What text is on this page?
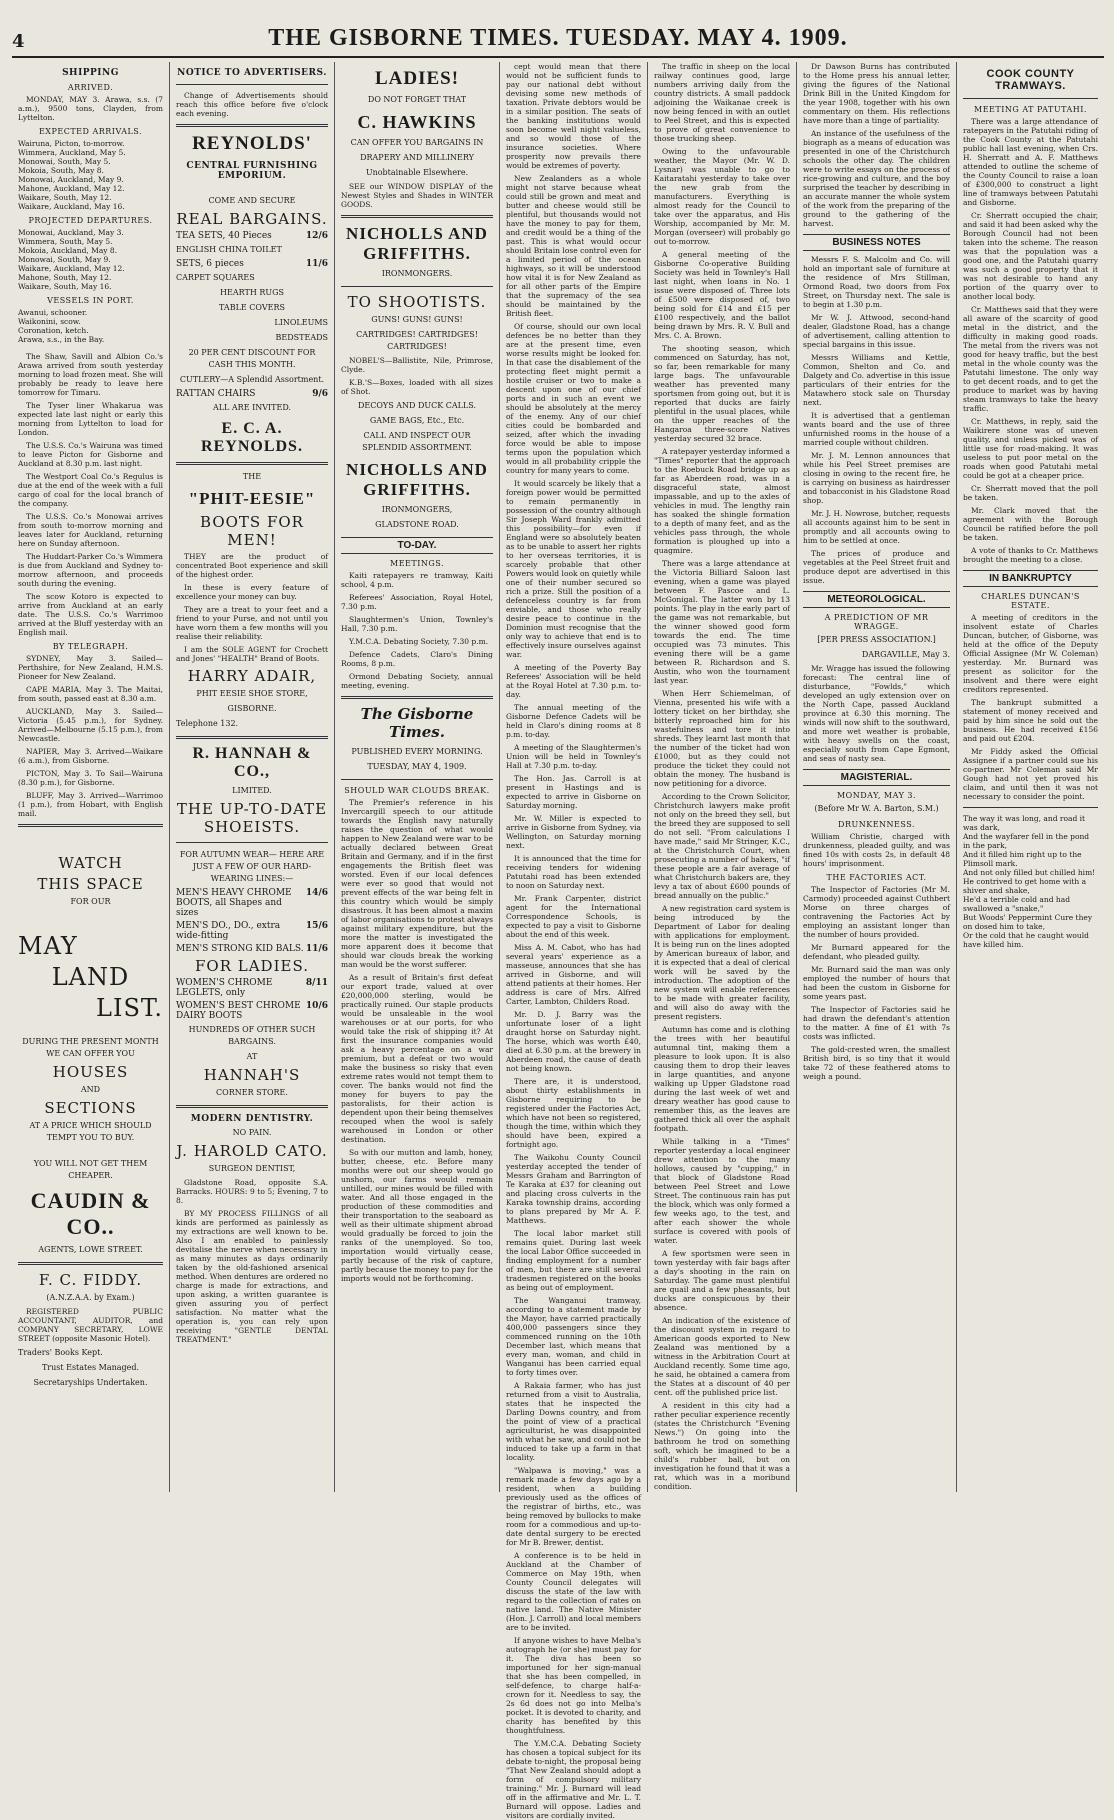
4	THE GISBORNE TIMES. TUESDAY. MAY 4. 1909.
SHIPPING
ARRIVED.

MONDAY, MAY 3. Arawa, s.s. (7 a.m.), 9500 tons, Clayden, from Lyttelton.

EXPECTED ARRIVALS.
Wairuna, Picton, to-morrow.
Wimmera, Auckland, May 5.
Monowai, South, May 5.
Mokoia, South, May 8.
Monowai, Auckland, May 9.
Mahone, Auckland, May 12.
Waikare, South, May 12.
Waikare, Auckland, May 16.
PROJECTED DEPARTURES.
Monowai, Auckland, May 3.
Wimmera, South, May 5.
Mokoia, Auckland, May 8.
Monowai, South, May 9.
Waikare, Auckland, May 12.
Mahone, South, May 12.
Waikare, South, May 16.
VESSELS IN PORT.
Awanui, schooner.
Waikonini, scow.
Coronation, ketch.
Arawa, s.s., in the Bay.

The Shaw, Savill and Albion Co.'s Arawa arrived from south yesterday morning to load frozen meat. She will probably be ready to leave here tomorrow for Timaru.

The Tyser liner Whakarua was expected late last night or early this morning from Lyttelton to load for London.

The U.S.S. Co.'s Wairuna was timed to leave Picton for Gisborne and Auckland at 8.30 p.m. last night.

The Westport Coal Co.'s Regulus is due at the end of the week with a full cargo of coal for the local branch of the company.

The U.S.S. Co.'s Monowai arrives from south to-morrow morning and leaves later for Auckland, returning here on Sunday afternoon.

The Huddart-Parker Co.'s Wimmera is due from Auckland and Sydney to-morrow afternoon, and proceeds south during the evening.

The scow Kotoro is expected to arrive from Auckland at an early date. The U.S.S. Co.'s Warrimoo arrived at the Bluff yesterday with an English mail.

BY TELEGRAPH.

SYDNEY, May 3. Sailed—Perthshire, for New Zealand, H.M.S. Pioneer for New Zealand.

CAPE MARIA, May 3. The Maitai, from south, passed east at 8.30 a.m.

AUCKLAND, May 3. Sailed—Victoria (5.45 p.m.), for Sydney. Arrived—Melbourne (5.15 p.m.), from Newcastle.

NAPIER, May 3. Arrived—Waikare (6 a.m.), from Gisborne.

PICTON, May 3. To Sail—Wairuna (8.30 p.m.), for Gisborne.

BLUFF, May 3. Arrived—Warrimoo (1 p.m.), from Hobart, with English mail.

WATCH
THIS SPACE
FOR OUR
MAY
LAND
LIST.
DURING THE PRESENT MONTH WE CAN OFFER YOU
HOUSES
AND
SECTIONS
AT A PRICE WHICH SHOULD TEMPT YOU TO BUY.
YOU WILL NOT GET THEM CHEAPER.
CAUDIN & CO..
AGENTS, LOWE STREET.
F. C. FIDDY.
(A.N.Z.A.A. by Exam.)

REGISTERED PUBLIC ACCOUNTANT, AUDITOR, and COMPANY SECRETARY, LOWE STREET (opposite Masonic Hotel).

Traders' Books Kept.
Trust Estates Managed.
Secretaryships Undertaken.
NOTICE TO ADVERTISERS.

Change of Advertisements should reach this office before five o'clock each evening.

REYNOLDS'
CENTRAL FURNISHING EMPORIUM.
COME AND SECURE
REAL BARGAINS.
TEA SETS, 40 Pieces	12/6
ENGLISH CHINA TOILET
SETS, 6 pieces	11/6
CARPET SQUARES
HEARTH RUGS
TABLE COVERS
LINOLEUMS
BEDSTEADS
20 PER CENT DISCOUNT FOR CASH THIS MONTH.
CUTLERY—A Splendid Assortment.
RATTAN CHAIRS	9/6
ALL ARE INVITED.
E. C. A. REYNOLDS.
THE
"PHIT-EESIE"
BOOTS FOR MEN!

THEY are the product of concentrated Boot experience and skill of the highest order.

In these is every feature of excellence your money can buy.

They are a treat to your feet and a friend to your Purse, and not until you have worn them a few months will you realise their reliability.

I am the SOLE AGENT for Crochett and Jones' "HEALTH" Brand of Boots.

HARRY ADAIR,
PHIT EESIE SHOE STORE,
GISBORNE.
Telephone 132.
R. HANNAH & CO.,
LIMITED.
THE UP-TO-DATE SHOEISTS.
FOR AUTUMN WEAR— HERE ARE JUST A FEW OF OUR HARD-WEARING LINES:—
MEN'S HEAVY CHROME BOOTS, all Shapes and sizes
14/6
MEN'S DO., DO., extra wide-fitting
15/6
MEN'S STRONG KID BALS. 11/6
FOR LADIES.
WOMEN'S CHROME LEGLETS, only
8/11
WOMEN'S BEST CHROME DAIRY BOOTS
10/6
HUNDREDS OF OTHER SUCH BARGAINS.
AT
HANNAH'S
CORNER STORE.
MODERN DENTISTRY.
NO PAIN.
J. HAROLD CATO.
SURGEON DENTIST,

Gladstone Road, opposite S.A. Barracks. HOURS: 9 to 5; Evening, 7 to 8.

BY MY PROCESS FILLINGS of all kinds are performed as painlessly as my extractions are well known to be. Also I am enabled to painlessly devitalise the nerve when necessary in as many minutes as days ordinarily taken by the old-fashioned arsenical method. When dentures are ordered no charge is made for extractions, and upon asking, a written guarantee is given assuring you of perfect satisfaction. No matter what the operation is, you can rely upon receiving "GENTLE DENTAL TREATMENT."

LADIES!
DO NOT FORGET THAT
C. HAWKINS
CAN OFFER YOU BARGAINS IN
DRAPERY AND MILLINERY
Unobtainable Elsewhere.

SEE our WINDOW DISPLAY of the Newest Styles and Shades in WINTER GOODS.

NICHOLLS AND GRIFFITHS.
IRONMONGERS.
TO SHOOTISTS.
GUNS! GUNS! GUNS!
CARTRIDGES! CARTRIDGES! CARTRIDGES!

NOBEL'S—Ballistite, Nile, Primrose, Clyde.

K.B.'S—Boxes, loaded with all sizes of Shot.

DECOYS AND DUCK CALLS.
GAME BAGS, Etc., Etc.
CALL AND INSPECT OUR SPLENDID ASSORTMENT.
NICHOLLS AND GRIFFITHS.
IRONMONGERS,
GLADSTONE ROAD.
TO-DAY.
MEETINGS.

Kaiti ratepayers re tramway, Kaiti school, 4 p.m.

Referees' Association, Royal Hotel, 7.30 p.m.

Slaughtermen's Union, Townley's Hall, 7.30 p.m.

Y.M.C.A. Debating Society, 7.30 p.m.

Defence Cadets, Claro's Dining Rooms, 8 p.m.

Ormond Debating Society, annual meeting, evening.

The Gisborne Times.
PUBLISHED EVERY MORNING.
TUESDAY, MAY 4, 1909.
SHOULD WAR CLOUDS BREAK.

The Premier's reference in his Invercargill speech to our attitude towards the English navy naturally raises the question of what would happen to New Zealand were war to be actually declared between Great Britain and Germany, and if in the first engagements the British fleet was worsted. Even if our local defences were ever so good that would not prevent effects of the war being felt in this country which would be simply disastrous. It has been almost a maxim of labor organisations to protest always against military expenditure, but the more the matter is investigated the more apparent does it become that should war clouds break the working man would be the worst sufferer.

As a result of Britain's first defeat our export trade, valued at over £20,000,000 sterling, would be practically ruined. Our staple products would be unsaleable in the wool warehouses or at our ports, for who would take the risk of shipping it? At first the insurance companies would ask a heavy percentage on a war premium, but a defeat or two would make the business so risky that even extreme rates would not tempt them to cover. The banks would not find the money for buyers to pay the pastoralists, for their action is dependent upon their being themselves recouped when the wool is safely warehoused in London or other destination.

So with our mutton and lamb, honey, butter, cheese, etc. Before many months were out our sheep would go unshorn, our farms would remain untilled, our mines would be filled with water. And all those engaged in the production of these commodities and their transportation to the seaboard as well as their ultimate shipment abroad would gradually be forced to join the ranks of the unemployed. So too, importation would virtually cease, partly because of the risk of capture, partly because the money to pay for the imports would not be forthcoming.

cept would mean that there would not be sufficient funds to pay our national debt without devising some new methods of taxation. Private debtors would be in a similar position. The seats of the banking institutions would soon become well night valueless, and so would those of the insurance societies. Where prosperity now prevails there would be extremes of poverty.

New Zealanders as a whole might not starve because wheat could still be grown and meat and butter and cheese would still be plentiful, but thousands would not have the money to pay for them, and credit would be a thing of the past. This is what would occur should Britain lose control even for a limited period of the ocean highways, so it will be understood how vital it is for New Zealand as for all other parts of the Empire that the supremacy of the sea should be maintained by the British fleet.

Of course, should our own local defences be no better than they are at the present time, even worse results might be looked for. In that case the disablement of the protecting fleet might permit a hostile cruiser or two to make a descent upon one of our chief ports and in such an event we should be absolutely at the mercy of the enemy. Any of our chief cities could be bombarded and seized, after which the invading force would be able to impose terms upon the population which would in all probability cripple the country for many years to come.

It would scarcely be likely that a foreign power would be permitted to remain permanently in possession of the country although Sir Joseph Ward frankly admitted this possibility—for even if England were so absolutely beaten as to be unable to assert her rights to her overseas territories, it is scarcely probable that other Powers would look on quietly while one of their number secured so rich a prize. Still the position of a defenceless country is far from enviable, and those who really desire peace to continue in the Dominion must recognise that the only way to achieve that end is to effectively insure ourselves against war.

A meeting of the Poverty Bay Referees' Association will be held at the Royal Hotel at 7.30 p.m. to-day.

The annual meeting of the Gisborne Defence Cadets will be held in Claro's dining rooms at 8 p.m. to-day.

A meeting of the Slaughtermen's Union will be held in Townley's Hall at 7.30 p.m. to-day.

The Hon. Jas. Carroll is at present in Hastings and is expected to arrive in Gisborne on Saturday morning.

Mr. W. Miller is expected to arrive in Gisborne from Sydney, via Wellington, on Saturday morning next.

It is announced that the time for receiving tenders for widening Patutahi road has been extended to noon on Saturday next.

Mr. Frank Carpenter, district agent for the International Correspondence Schools, is expected to pay a visit to Gisborne about the end of this week.

Miss A. M. Cabot, who has had several years' experience as a masseuse, announces that she has arrived in Gisborne, and will attend patients at their homes. Her address is care of Mrs. Alfred Carter, Lambton, Childers Road.

Mr. D. J. Barry was the unfortunate loser of a light draught horse on Saturday night. The horse, which was worth £40, died at 6.30 p.m. at the brewery in Aberdeen road, the cause of death not being known.

There are, it is understood, about thirty establishments in Gisborne requiring to be registered under the Factories Act, which have not been so registered, though the time, within which they should have been, expired a fortnight ago.

The Waikohu County Council yesterday accepted the tender of Messrs Graham and Barrington of Te Karaka at £37 for cleaning out and placing cross culverts in the Karaka township drains, according to plans prepared by Mr A. F. Matthews.

The local labor market still remains quiet. During last week the local Labor Office succeeded in finding employment for a number of men, but there are still several tradesmen registered on the books as being out of employment.

The Wanganui tramway, according to a statement made by the Mayor, have carried practically 400,000 passengers since they commenced running on the 10th December last, which means that every man, woman, and child in Wanganui has been carried equal to forty times over.

A Rakaia farmer, who has just returned from a visit to Australia, states that he inspected the Darling Downs country, and from the point of view of a practical agriculturist, he was disappointed with what he saw, and could not be induced to take up a farm in that locality.

"Walpawa is moving," was a remark made a few days ago by a resident, when a building previously used as the offices of the registrar of births, etc., was being removed by bullocks to make room for a commodious and up-to-date dental surgery to be erected for Mr B. Brewer, dentist.

A conference is to be held in Auckland at the Chamber of Commerce on May 19th, when County Council delegates will discuss the state of the law with regard to the collection of rates on native land. The Native Minister (Hon. J. Carroll) and local members are to be invited.

If anyone wishes to have Melba's autograph he (or she) must pay for it. The diva has been so importuned for her sign-manual that she has been compelled, in self-defence, to charge half-a-crown for it. Needless to say, the 2s 6d does not go into Melba's pocket. It is devoted to charity, and charity has benefited by this thoughtfulness.

The Y.M.C.A. Debating Society has chosen a topical subject for its debate to-night, the proposal being "That New Zealand should adopt a form of compulsory military training." Mr. J. Burnard will lead off in the affirmative and Mr. L. T. Burnard will oppose. Ladies and visitors are cordially invited.

The traffic in sheep on the local railway continues good, large numbers arriving daily from the country districts. A small paddock adjoining the Waikanae creek is now being fenced in with an outlet to Peel Street, and this is expected to prove of great convenience to those trucking sheep.

Owing to the unfavourable weather, the Mayor (Mr. W. D. Lysnar) was unable to go to Kaitaratahi yesterday to take over the new grab from the manufacturers. Everything is almost ready for the Council to take over the apparatus, and His Worship, accompanied by Mr. M. Morgan (overseer) will probably go out to-morrow.

A general meeting of the Gisborne Co-operative Building Society was held in Townley's Hall last night, when loans in No. 1 issue were disposed of. Three lots of £500 were disposed of, two being sold for £14 and £15 per £100 respectively, and the ballot being drawn by Mrs. R. V. Bull and Mrs. C. A. Brown.

The shooting season, which commenced on Saturday, has not, so far, been remarkable for many large bags. The unfavourable weather has prevented many sportsmen from going out, but it is reported that ducks are fairly plentiful in the usual places, while on the upper reaches of the Hangaroa three-score Natives yesterday secured 32 brace.

A ratepayer yesterday informed a "Times" reporter that the approach to the Roebuck Road bridge up as far as Aberdeen road, was in a disgraceful state, almost impassable, and up to the axles of vehicles in mud. The lengthy rain has soaked the shingle formation to a depth of many feet, and as the vehicles pass through, the whole formation is ploughed up into a quagmire.

There was a large attendance at the Victoria Billiard Saloon last evening, when a game was played between F. Pascoe and L. McGonigal. The latter won by 13 points. The play in the early part of the game was not remarkable, but the winner showed good form towards the end. The time occupied was 73 minutes. This evening there will be a game between R. Richardson and S. Austin, who won the tournament last year.

When Herr Schiemelman, of Vienna, presented his wife with a lottery ticket on her birthday, she bitterly reproached him for his wastefulness and tore it into shreds. They learnt last month that the number of the ticket had won £1000, but as they could not produce the ticket they could not obtain the money. The husband is now petitioning for a divorce.

According to the Crown Solicitor, Christchurch lawyers make profit not only on the breed they sell, but the breed they are supposed to sell do not sell. "From calculations I have made," said Mr Stringer, K.C., at the Christchurch Court, when prosecuting a number of bakers, "if these people are a fair average of what Christchurch bakers are, they levy a tax of about £600 pounds of bread annually on the public."

A new registration card system is being introduced by the Department of Labor for dealing with applications for employment. It is being run on the lines adopted by American bureaux of labor, and it is expected that a deal of clerical work will be saved by the introduction. The adoption of the new system will enable references to be made with greater facility, and will also do away with the present registers.

Autumn has come and is clothing the trees with her beautiful autumnal tint, making them a pleasure to look upon. It is also causing them to drop their leaves in large quantities, and anyone walking up Upper Gladstone road during the last week of wet and dreary weather has good cause to remember this, as the leaves are gathered thick all over the asphalt footpath.

While talking in a "Times" reporter yesterday a local engineer drew attention to the many hollows, caused by "cupping," in that block of Gladstone Road between Peel Street and Lowe Street. The continuous rain has put the block, which was only formed a few weeks ago, to the test, and after each shower the whole surface is covered with pools of water.

A few sportsmen were seen in town yesterday with fair bags after a day's shooting in the rain on Saturday. The game must plentiful are quail and a few pheasants, but ducks are conspicuous by their absence.

An indication of the existence of the discount system in regard to American goods exported to New Zealand was mentioned by a witness in the Arbitration Court at Auckland recently. Some time ago, he said, he obtained a camera from the States at a discount of 40 per cent. off the published price list.

A resident in this city had a rather peculiar experience recently (states the Christchurch "Evening News.") On going into the bathroom he trod on something soft, which he imagined to be a child's rubber ball, but on investigation he found that it was a rat, which was in a moribund condition.

Dr Dawson Burns has contributed to the Home press his annual letter, giving the figures of the National Drink Bill in the United Kingdom for the year 1908, together with his own commentary on them. His reflections have more than a tinge of partiality.

An instance of the usefulness of the biograph as a means of education was presented in one of the Christchurch schools the other day. The children were to write essays on the process of rice-growing and culture, and the boy surprised the teacher by describing in an accurate manner the whole system of the work from the preparing of the ground to the gathering of the harvest.

BUSINESS NOTES

Messrs F. S. Malcolm and Co. will hold an important sale of furniture at the residence of Mrs Stillman, Ormond Road, two doors from Fox Street, on Thursday next. The sale is to begin at 1.30 p.m.

Mr W. J. Attwood, second-hand dealer, Gladstone Road, has a change of advertisement, calling attention to special bargains in this issue.

Messrs Williams and Kettle, Common, Shelton and Co. and Dalgety and Co. advertise in this issue particulars of their entries for the Matawhero stock sale on Thursday next.

It is advertised that a gentleman wants board and the use of three unfurnished rooms in the house of a married couple without children.

Mr. J. M. Lennon announces that while his Peel Street premises are closing in owing to the recent fire, he is carrying on business as hairdresser and tobacconist in his Gladstone Road shop.

Mr. J. H. Nowrose, butcher, requests all accounts against him to be sent in promptly and all accounts owing to him to be settled at once.

The prices of produce and vegetables at the Peel Street fruit and produce depot are advertised in this issue.

METEOROLOGICAL.
A PREDICTION OF MR WRAGGE.
[PER PRESS ASSOCIATION.]
DARGAVILLE, May 3.

Mr. Wragge has issued the following forecast: The central line of disturbance, "Fowlds," which developed an ugly extension over on the North Cape, passed Auckland province at 6.30 this morning. The winds will now shift to the southward, and more wet weather is probable, with heavy swells on the coast, especially south from Cape Egmont, and seas of nasty sea.

MAGISTERIAL.
MONDAY, MAY 3.
(Before Mr W. A. Barton, S.M.)
DRUNKENNESS.

William Christie, charged with drunkenness, pleaded guilty, and was fined 10s with costs 2s, in default 48 hours' imprisonment.

THE FACTORIES ACT.

The Inspector of Factories (Mr M. Carmody) proceeded against Cuthbert Morse on three charges of contravening the Factories Act by employing an assistant longer than the number of hours provided.

Mr Burnard appeared for the defendant, who pleaded guilty.

Mr. Burnard said the man was only employed the number of hours that had been the custom in Gisborne for some years past.

The Inspector of Factories said he had drawn the defendant's attention to the matter. A fine of £1 with 7s costs was inflicted.

The gold-crested wren, the smallest British bird, is so tiny that it would take 72 of these feathered atoms to weigh a pound.

COOK COUNTY TRAMWAYS.
MEETING AT PATUTAHI.

There was a large attendance of ratepayers in the Patutahi riding of the Cook County at the Patutahi public hall last evening, when Crs. H. Sherratt and A. F. Matthews attended to outline the scheme of the County Council to raise a loan of £300,000 to construct a light line of tramways between Patutahi and Gisborne.

Cr. Sherratt occupied the chair, and said it had been asked why the Borough Council had not been taken into the scheme. The reason was that the population was a good one, and the Patutahi quarry was such a good property that it was not desirable to hand any portion of the quarry over to another local body.

Cr. Matthews said that they were all aware of the scarcity of good metal in the district, and the difficulty in making good roads. The metal from the rivers was not good for heavy traffic, but the best metal in the whole county was the Patutahi limestone. The only way to get decent roads, and to get the produce to market was by having steam tramways to take the heavy traffic.

Cr. Matthews, in reply, said the Waikirere stone was of uneven quality, and unless picked was of little use for road-making. It was useless to put poor metal on the roads when good Patutahi metal could be got at a cheaper price.

Cr. Sherratt moved that the poll be taken.

Mr. Clark moved that the agreement with the Borough Council be ratified before the poll be taken.

A vote of thanks to Cr. Matthews brought the meeting to a close.

IN BANKRUPTCY
CHARLES DUNCAN'S ESTATE.

A meeting of creditors in the insolvent estate of Charles Duncan, butcher, of Gisborne, was held at the office of the Deputy Official Assignee (Mr W. Coleman) yesterday. Mr. Burnard was present as solicitor for the insolvent and there were eight creditors represented.

The bankrupt submitted a statement of money received and paid by him since he sold out the business. He had received £156 and paid out £204.

Mr Fiddy asked the Official Assignee if a partner could sue his co-partner. Mr Coleman said Mr Gough had not yet proved his claim, and until then it was not necessary to consider the point.

The way it was long, and road it was dark,
And the wayfarer fell in the pond in the park,
And it filled him right up to the Plimsoll mark.
And not only filled but chilled him!
He contrived to get home with a shiver and shake,
He'd a terrible cold and had swallowed a "snake,"
But Woods' Peppermint Cure they on dosed him to take,
Or the cold that he caught would have killed him.
